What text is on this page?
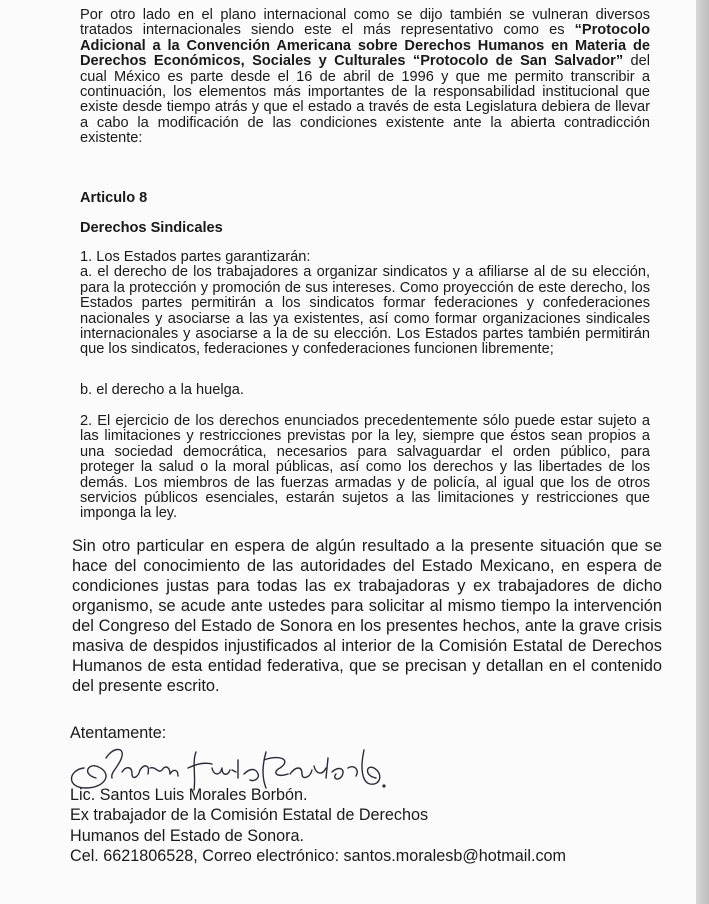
Por otro lado en el plano internacional como se dijo también se vulneran diversos tratados internacionales siendo este el más representativo como es “Protocolo Adicional a la Convención Americana sobre Derechos Humanos en Materia de Derechos Económicos, Sociales y Culturales “Protocolo de San Salvador” del cual México es parte desde el 16 de abril de 1996 y que me permito transcribir a continuación, los elementos más importantes de la responsabilidad institucional que existe desde tiempo atrás y que el estado a través de esta Legislatura debiera de llevar a cabo la modificación de las condiciones existente ante la abierta contradicción existente:

Articulo 8
Derechos Sindicales

1. Los Estados partes garantizarán:

a. el derecho de los trabajadores a organizar sindicatos y a afiliarse al de su elección, para la protección y promoción de sus intereses. Como proyección de este derecho, los Estados partes permitirán a los sindicatos formar federaciones y confederaciones nacionales y asociarse a las ya existentes, así como formar organizaciones sindicales internacionales y asociarse a la de su elección. Los Estados partes también permitirán que los sindicatos, federaciones y confederaciones funcionen libremente;

b. el derecho a la huelga.

2. El ejercicio de los derechos enunciados precedentemente sólo puede estar sujeto a las limitaciones y restricciones previstas por la ley, siempre que éstos sean propios a una sociedad democrática, necesarios para salvaguardar el orden público, para proteger la salud o la moral públicas, así como los derechos y las libertades de los demás. Los miembros de las fuerzas armadas y de policía, al igual que los de otros servicios públicos esenciales, estarán sujetos a las limitaciones y restricciones que imponga la ley.

Sin otro particular en espera de algún resultado a la presente situación que se hace del conocimiento de las autoridades del Estado Mexicano, en espera de condiciones justas para todas las ex trabajadoras y ex trabajadores de dicho organismo, se acude ante ustedes para solicitar al mismo tiempo la intervención del Congreso del Estado de Sonora en los presentes hechos, ante la grave crisis masiva de despidos injustificados al interior de la Comisión Estatal de Derechos Humanos de esta entidad federativa, que se precisan y detallan en el contenido del presente escrito.

Atentamente:
Lic. Santos Luis Morales Borbón.
Ex trabajador de la Comisión Estatal de Derechos
Humanos del Estado de Sonora.
Cel. 6621806528, Correo electrónico: santos.moralesb@hotmail.com
